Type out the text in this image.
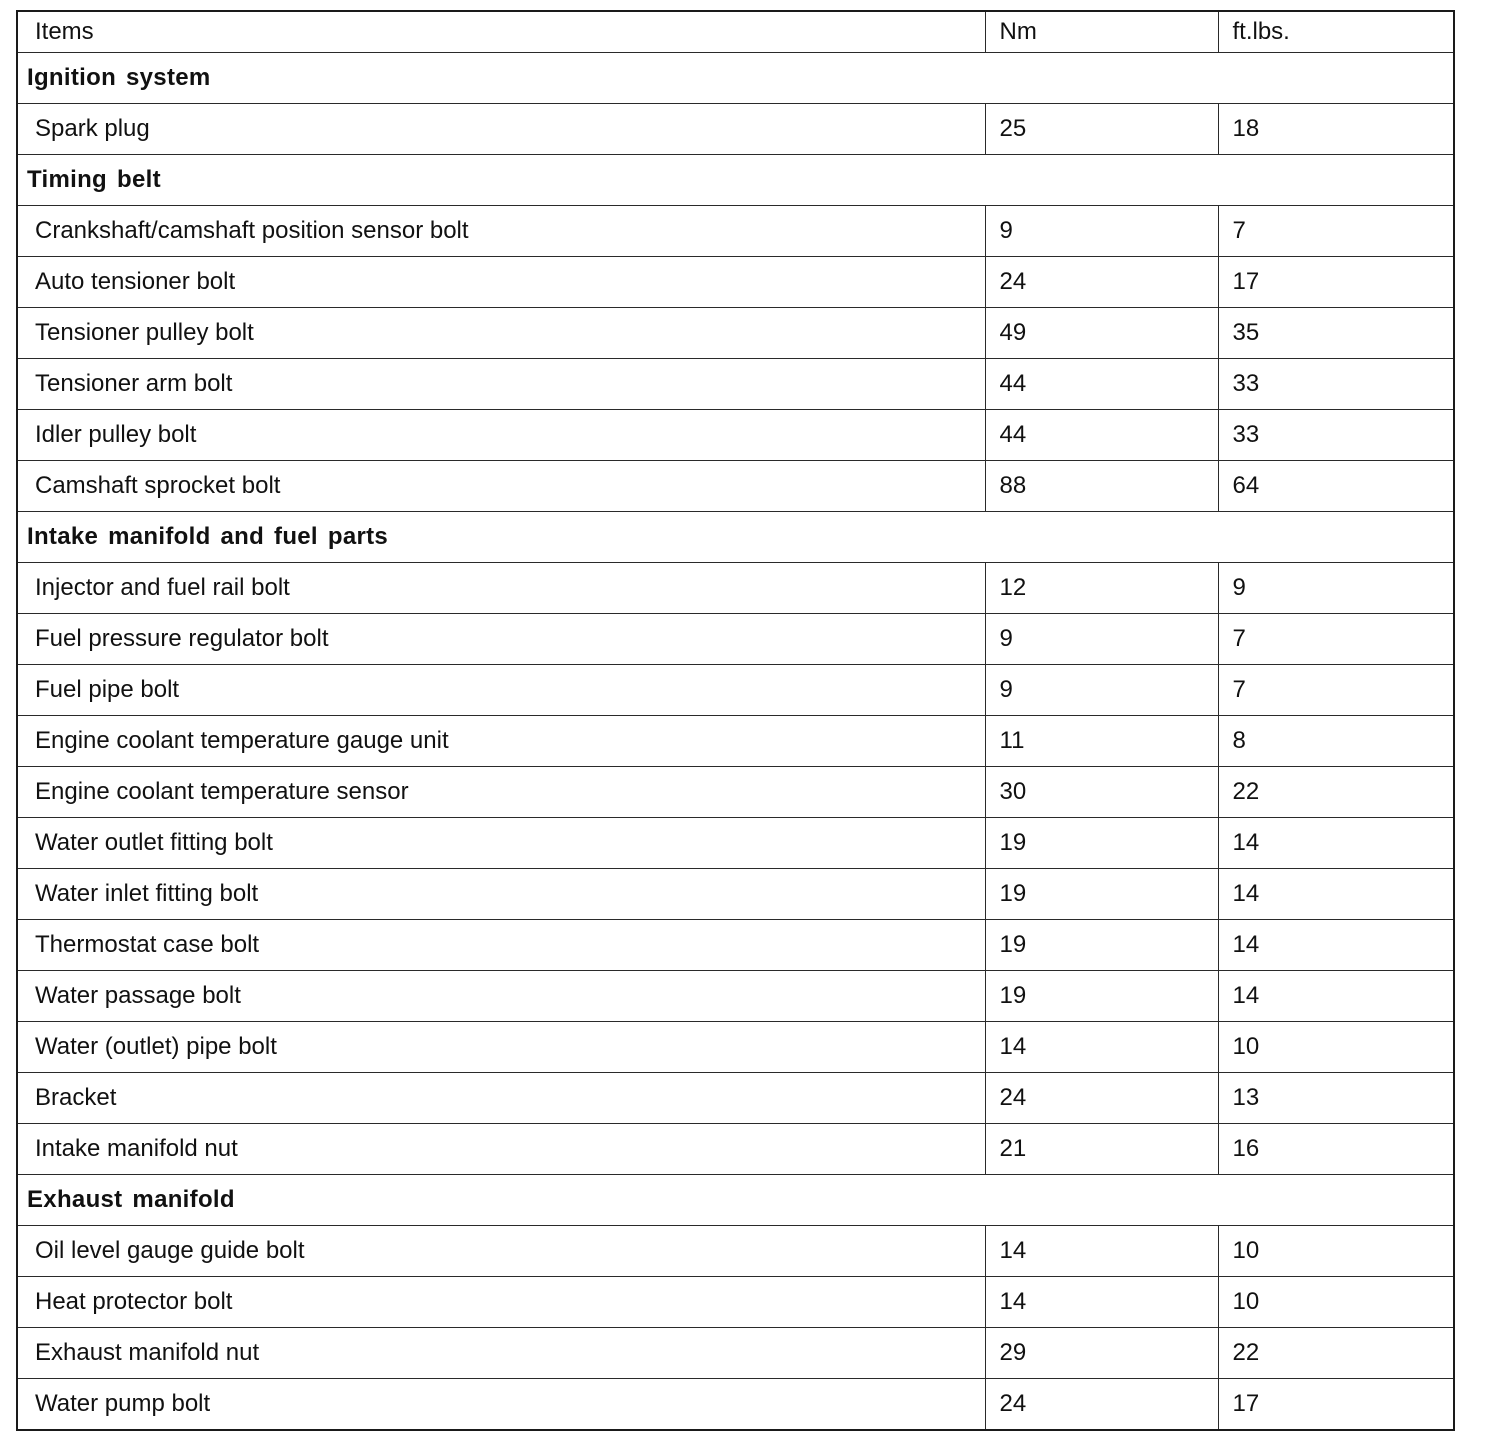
Items	Nm	ft.lbs.
Ignition system		
Spark plug	25	18
Timing belt		
Crankshaft/camshaft position sensor bolt	9	7
Auto tensioner bolt	24	17
Tensioner pulley bolt	49	35
Tensioner arm bolt	44	33
Idler pulley bolt	44	33
Camshaft sprocket bolt	88	64
Intake manifold and fuel parts		
Injector and fuel rail bolt	12	9
Fuel pressure regulator bolt	9	7
Fuel pipe bolt	9	7
Engine coolant temperature gauge unit	11	8
Engine coolant temperature sensor	30	22
Water outlet fitting bolt	19	14
Water inlet fitting bolt	19	14
Thermostat case bolt	19	14
Water passage bolt	19	14
Water (outlet) pipe bolt	14	10
Bracket	24	13
Intake manifold nut	21	16
Exhaust manifold		
Oil level gauge guide bolt	14	10
Heat protector bolt	14	10
Exhaust manifold nut	29	22
Water pump bolt	24	17
